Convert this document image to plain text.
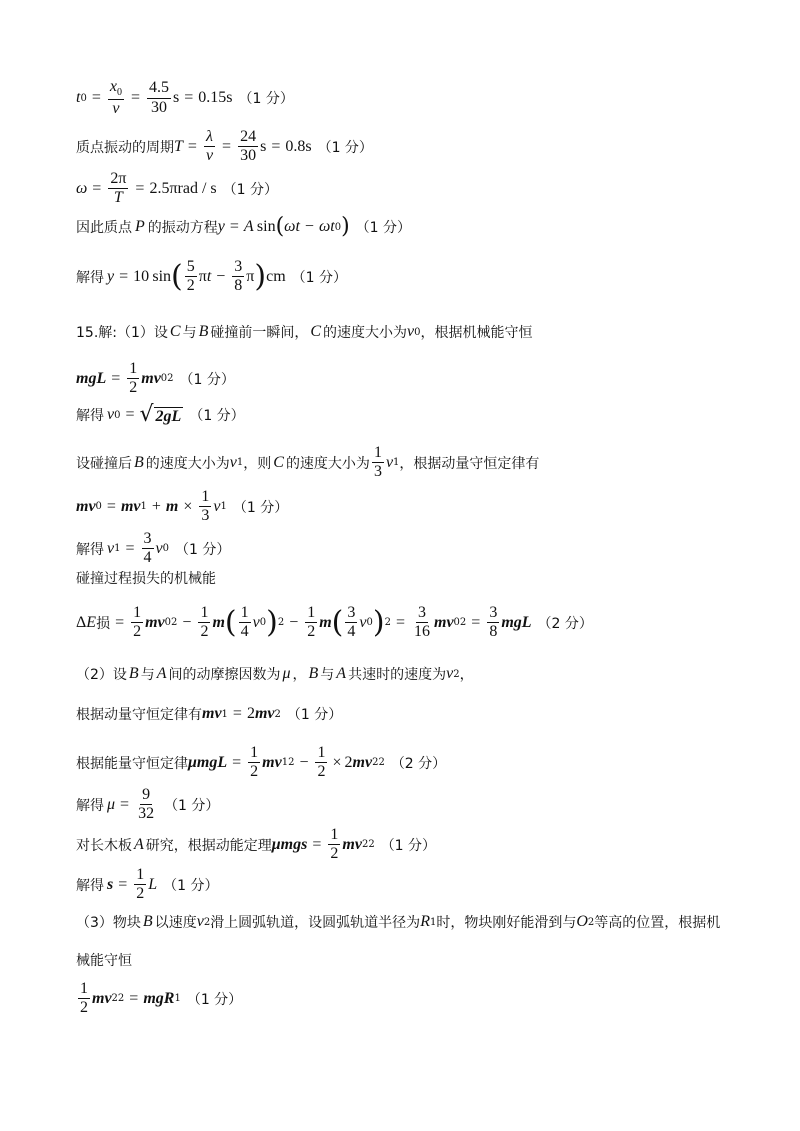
t $0 = \frac{x_0}{v} = \frac{4.5}{30}$ s = 0.15s （1 分）
质点振动的周期 $T = \frac{\lambda}{v} = \frac{24}{30}$ s = 0.8s （1 分）
$\omega = \frac{2\pi}{T} = 2.5\pi rad / s$ （1 分）
因此质点 P 的振动方程 y = A  sin ( ωt − ωt 0 ) （1 分）
解得 y = 10 sin ( $\frac{5}{2}$ π $t - \frac{3}{8}$ π ) cm （1 分）
15.解:（1）设 C 与 B 碰撞前一瞬间， C 的速度大小为 v 0 ，根据机械能守恒
mgL = $\frac{1}{2}$ mv 0 2 （1 分）
解得 v 0 = √ 2gL （1 分）
设碰撞后 B 的速度大小为 v 1 ，则 C 的速度大小为 $\frac{1}{3}$ v 1 ，根据动量守恒定律有
mv 0 = mv $1 + m \times \frac{1}{3}$ v 1 （1 分）
解得 v $1 = \frac{3}{4}$ v 0 （1 分）
碰撞过程损失的机械能
Δ E 损 = $\frac{1}{2}$ mv 0 $2 - \frac{1}{2}$ m ( $\frac{1}{4}$ v 0 ) $2 - \frac{1}{2}$ m ( $\frac{3}{4}$ v 0 ) $2 = \frac{3}{16}$ mv 0 $2 = \frac{3}{8}$ mgL （2 分）
（2）设 B 与 A 间的动摩擦因数为 μ ， B 与 A 共速时的速度为 v 2 ，
根据动量守恒定律有 mv 1 = 2 mv 2 （1 分）
根据能量守恒定律 $\mu mgL = \frac{1}{2}$ mv 1 $2 - \frac{1}{2} \times 2$ mv 2 2 （2 分）
解得 $\mu = \frac{9}{32} (1$ 分）
对长木板 A 研究，根据动能定理 $\mu mgs = \frac{1}{2}$ mv 2 2 （1 分）
解得 $s = \frac{1}{2}$ L （1 分）
（3）物块 B 以速度 v 2 滑上圆弧轨道，设圆弧轨道半径为 R 1 时，物块刚好能滑到与 O 2 等高的位置，根据机
械能守恒
$\frac{1}{2}$ mv 2 2 = mgR 1 （1 分）
